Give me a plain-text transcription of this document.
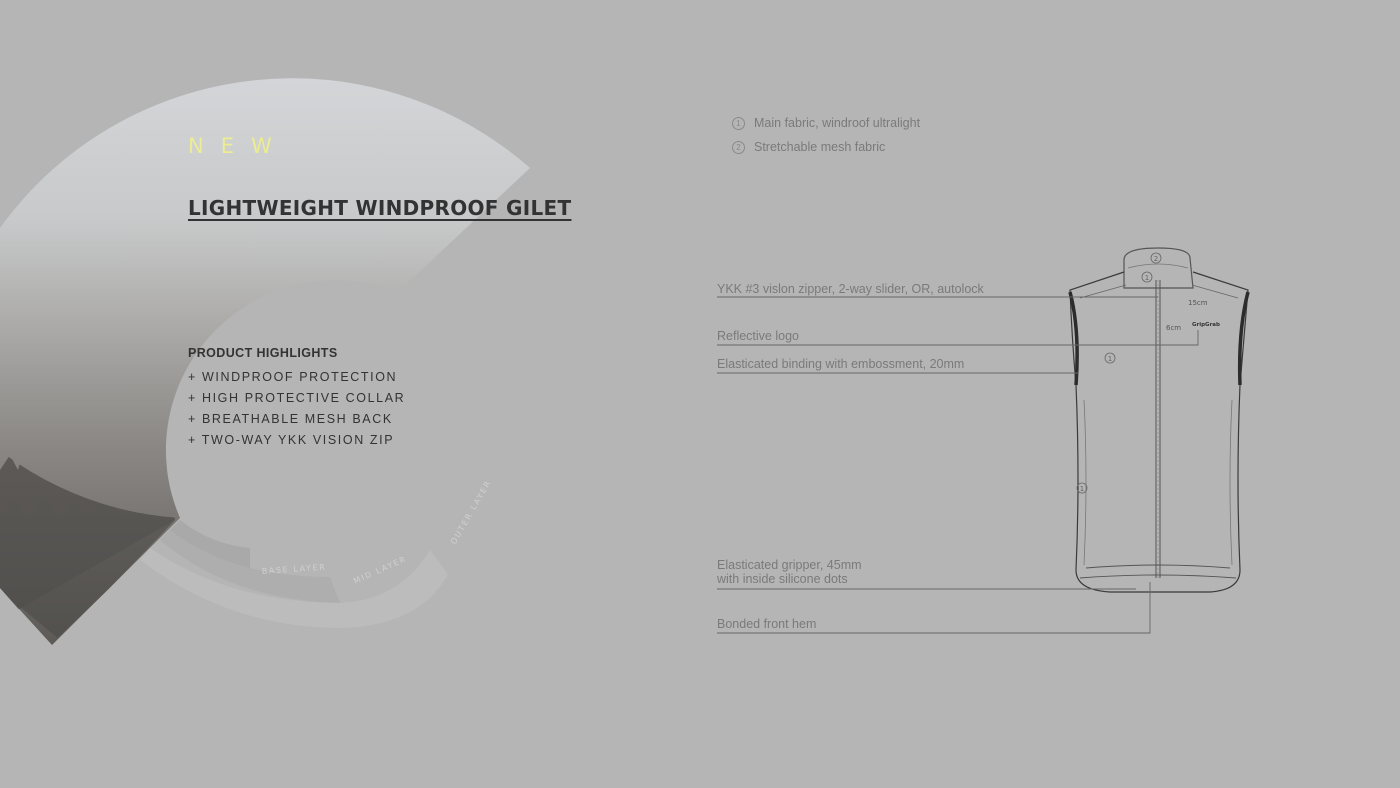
BASE LAYER	MID LAYER
OUTER LAYER
2
1
1
1
15cm
6cm GripGrab
NEW
LIGHTWEIGHT WINDPROOF GILET
PRODUCT HIGHLIGHTS
+ WINDPROOF PROTECTION
+ HIGH PROTECTIVE COLLAR
+ BREATHABLE MESH BACK
+ TWO-WAY YKK VISION ZIP
1 Main fabric, windroof ultralight
2 Stretchable mesh fabric

YKK #3 vislon zipper, 2-way slider, OR, autolock

Reflective logo

Elasticated binding with embossment, 20mm

Elasticated gripper, 45mm
with inside silicone dots

Bonded front hem
